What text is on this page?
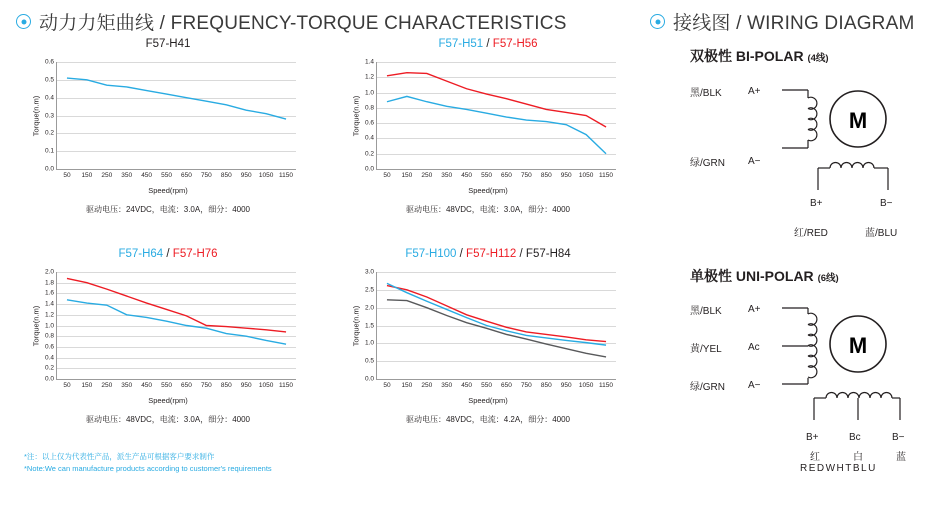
动力力矩曲线 / FREQUENCY-TORQUE CHARACTERISTICS
F57-H41
Torque(n.m)
0.0
0.1
0.2
0.3
0.4
0.5
0.6
50 150 250 350 450 550 650 750 850 950 1050 1150
Speed(rpm)
驱动电压：24VDC，电流：3.0A，细分：4000
F57-H51 / F57-H56
Torque(n.m)
0.0
0.2
0.4
0.6
0.8
1.0
1.2
1.4
50 150 250 350 450 550 650 750 850 950 1050 1150
Speed(rpm)
驱动电压：48VDC，电流：3.0A，细分：4000
F57-H64 / F57-H76
Torque(n.m)
0.0
0.2
0.4
0.6
0.8
1.0
1.2
1.4
1.6
1.8
2.0
50 150 250 350 450 550 650 750 850 950 1050 1150
Speed(rpm)
驱动电压：48VDC，电流：3.0A，细分：4000
F57-H100 / F57-H112 / F57-H84
Torque(n.m)
0.0
0.5
1.0
1.5
2.0
2.5
3.0
50 150 250 350 450 550 650 750 850 950 1050 1150
Speed(rpm)
驱动电压：48VDC，电流：4.2A，细分：4000
*注：以上仅为代表性产品，派生产品可根据客户要求制作
*Note:We can manufacture products according to customer's requirements
接线图 / WIRING DIAGRAM
双极性 BI-POLAR (4线)
黑/BLK	A+
绿/GRN	A−
M
B+	B−
红/RED	蓝/BLU
单极性 UNI-POLAR (6线)
黑/BLK	A+
黄/YEL	Ac
绿/GRN	A−
M
B+	Bc	B−
红	白	蓝
REDWHTBLU
